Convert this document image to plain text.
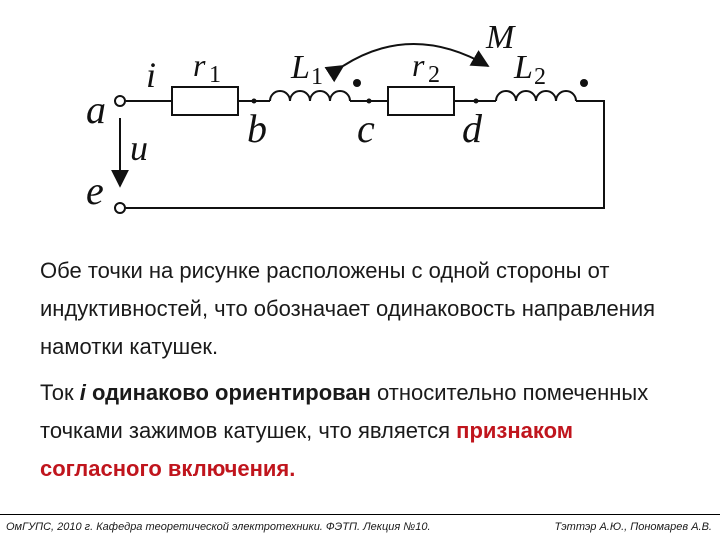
a
i
u
e
r 1 L 1
b c
r 2
M
L 2
d

Обе точки на рисунке расположены с одной стороны от индуктивностей, что обозначает одинаковость направления намотки катушек.

Ток i одинаково ориентирован относительно помеченных точками зажимов катушек, что является признаком согласного включения.

ОмГУПС, 2010 г. Кафедра теоретической электротехники. ФЭТП. Лекция №10.	Тэттэр А.Ю., Пономарев А.В.
